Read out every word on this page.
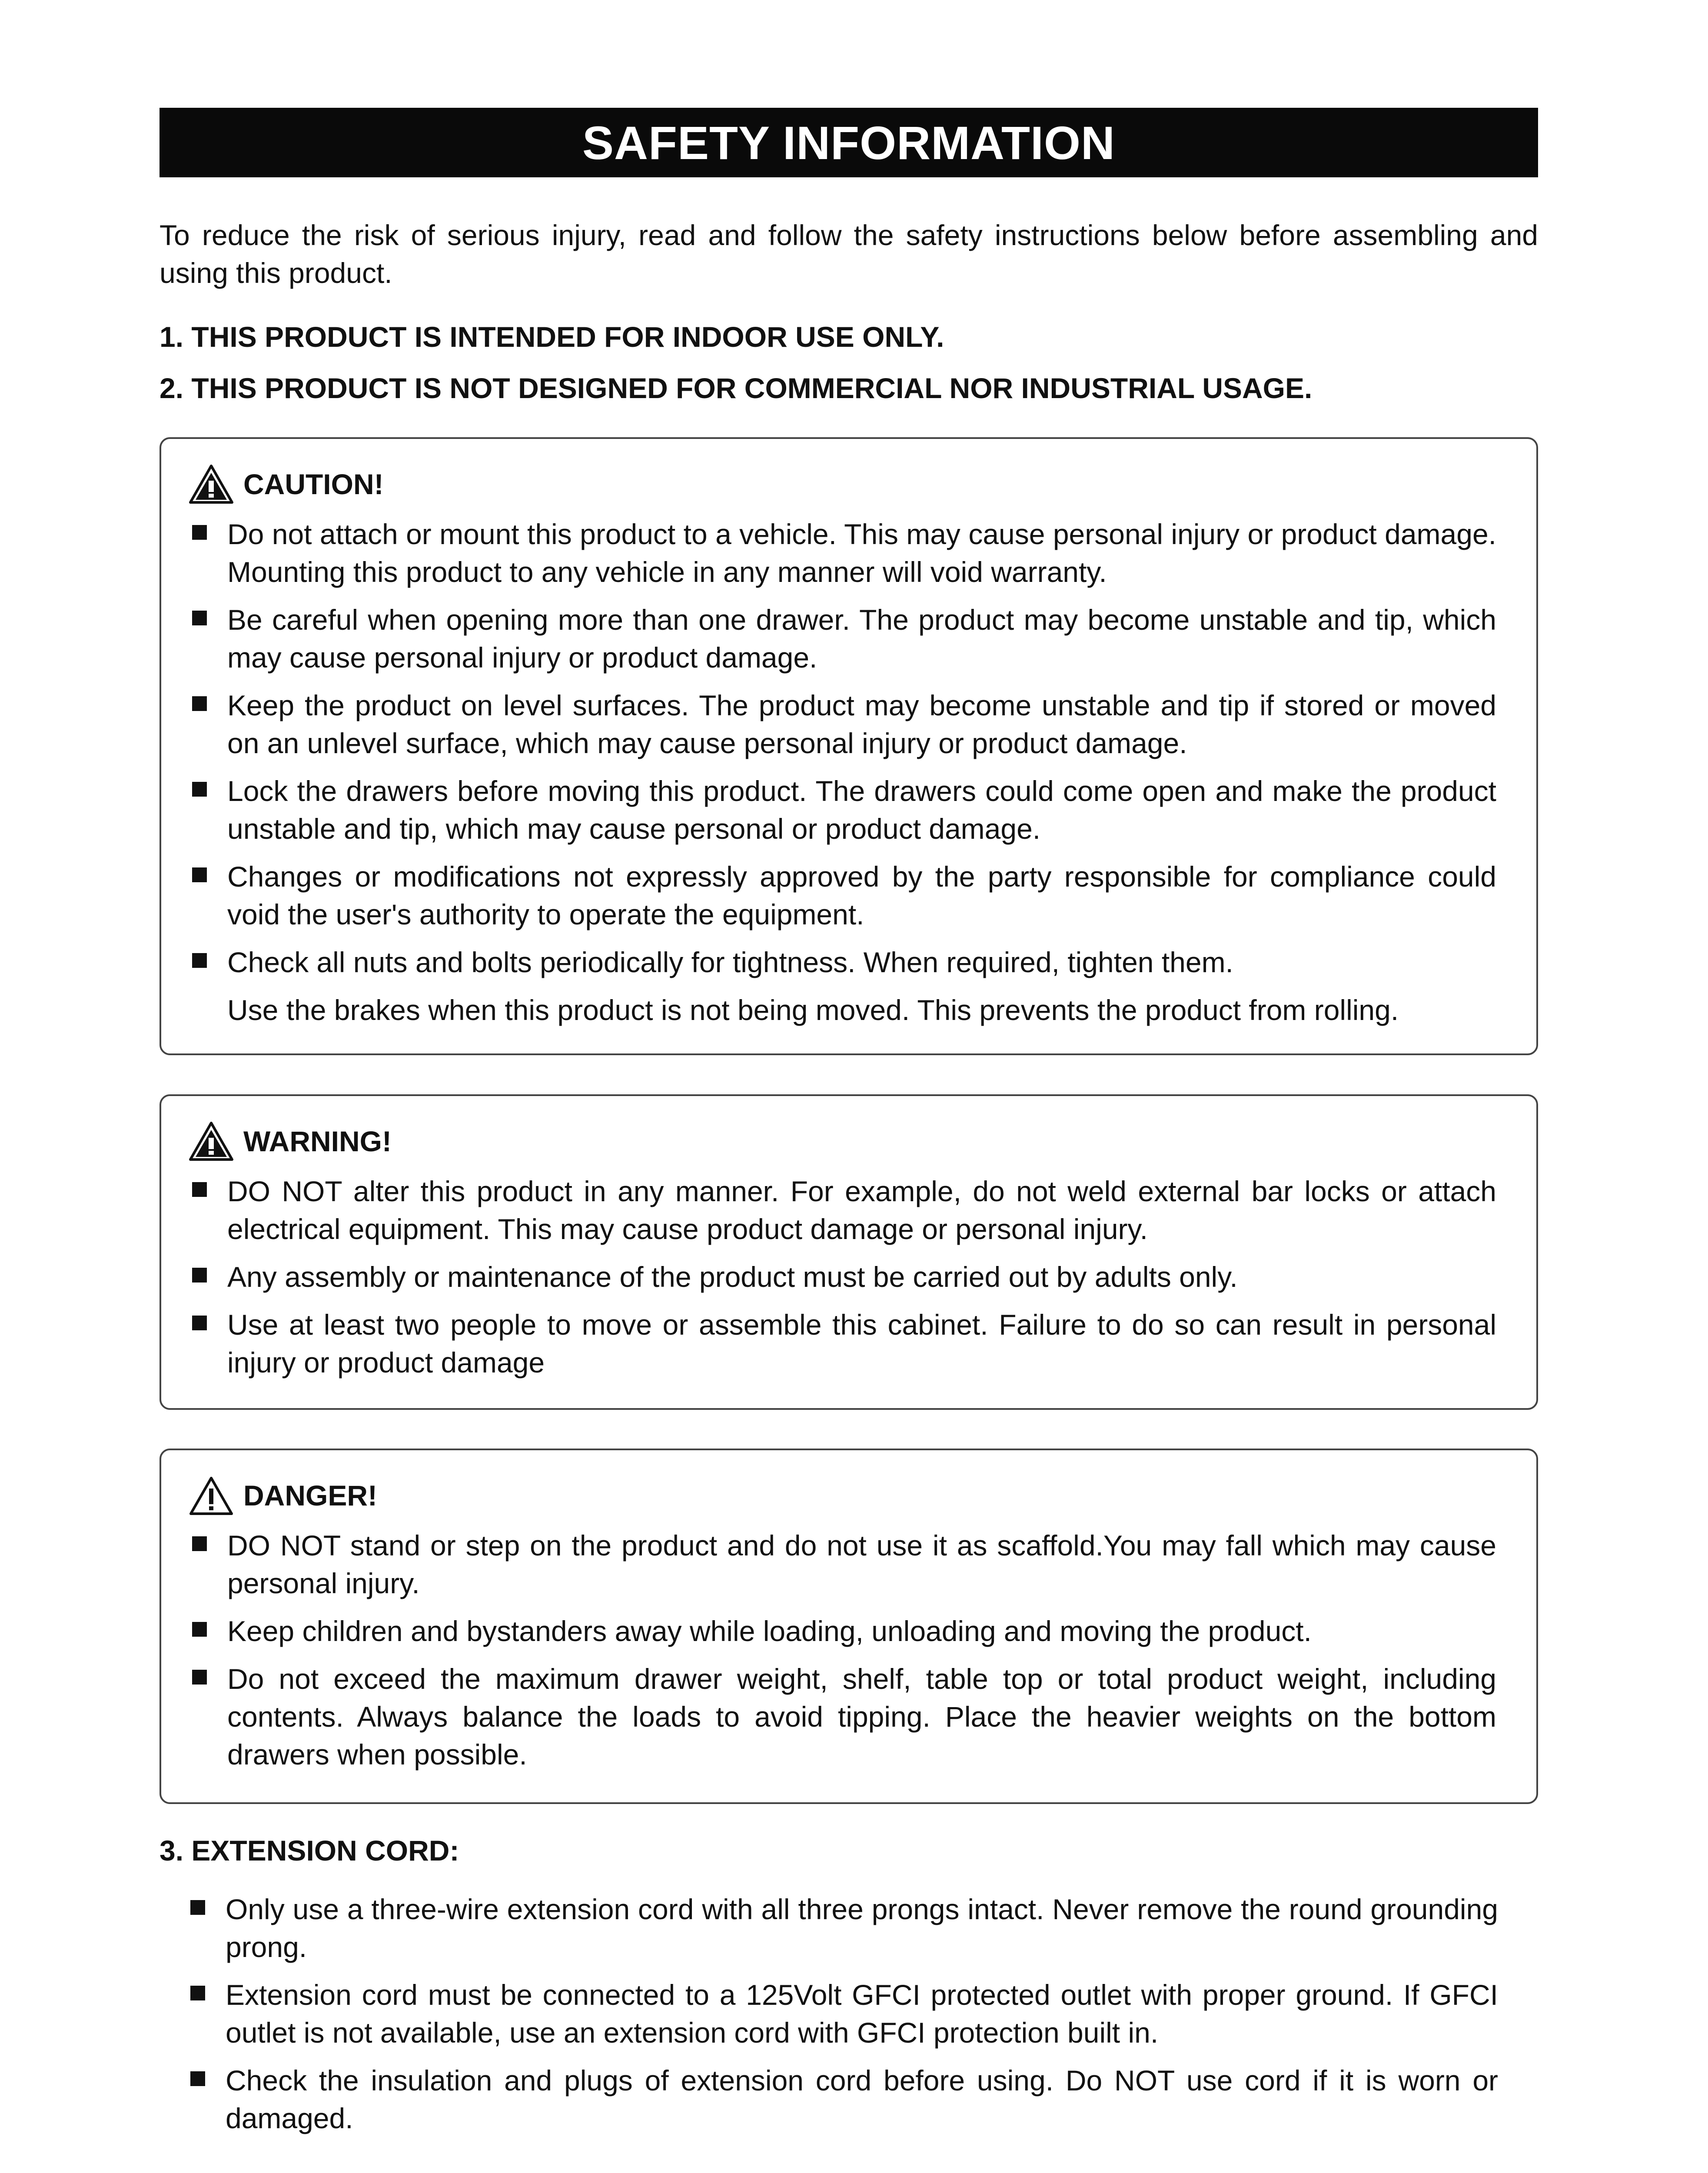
SAFETY INFORMATION
To reduce the risk of serious injury, read and follow the safety instructions below before assembling and using this product.
1. THIS PRODUCT IS INTENDED FOR INDOOR USE ONLY.
2. THIS PRODUCT IS NOT DESIGNED FOR COMMERCIAL NOR INDUSTRIAL USAGE.
CAUTION!
Do not attach or mount this product to a vehicle. This may cause personal injury or product damage. Mounting this product to any vehicle in any manner will void warranty.
Be careful when opening more than one drawer. The product may become unstable and tip, which may cause personal injury or product damage.
Keep the product on level surfaces. The product may become unstable and tip if stored or moved on an unlevel surface, which may cause personal injury or product damage.
Lock the drawers before moving this product. The drawers could come open and make the product unstable and tip, which may cause personal or product damage.
Changes or modifications not expressly approved by the party responsible for compliance could void the user's authority to operate the equipment.
Check all nuts and bolts periodically for tightness. When required, tighten them.
Use the brakes when this product is not being moved. This prevents the product from rolling.
WARNING!
DO NOT alter this product in any manner. For example, do not weld external bar locks or attach electrical equipment. This may cause product damage or personal injury.
Any assembly or maintenance of the product must be carried out by adults only.
Use at least two people to move or assemble this cabinet. Failure to do so can result in personal injury or product damage
DANGER!
DO NOT stand or step on the product and do not use it as scaffold.You may fall which may cause personal injury.
Keep children and bystanders away while loading, unloading and moving the product.
Do not exceed the maximum drawer weight, shelf, table top or total product weight, including contents. Always balance the loads to avoid tipping. Place the heavier weights on the bottom drawers when possible.
3. EXTENSION CORD:
Only use a three-wire extension cord with all three prongs intact. Never remove the round grounding prong.
Extension cord must be connected to a 125Volt GFCI protected outlet with proper ground. If GFCI outlet is not available, use an extension cord with GFCI protection built in.
Check the insulation and plugs of extension cord before using. Do NOT use cord if it is worn or damaged.
